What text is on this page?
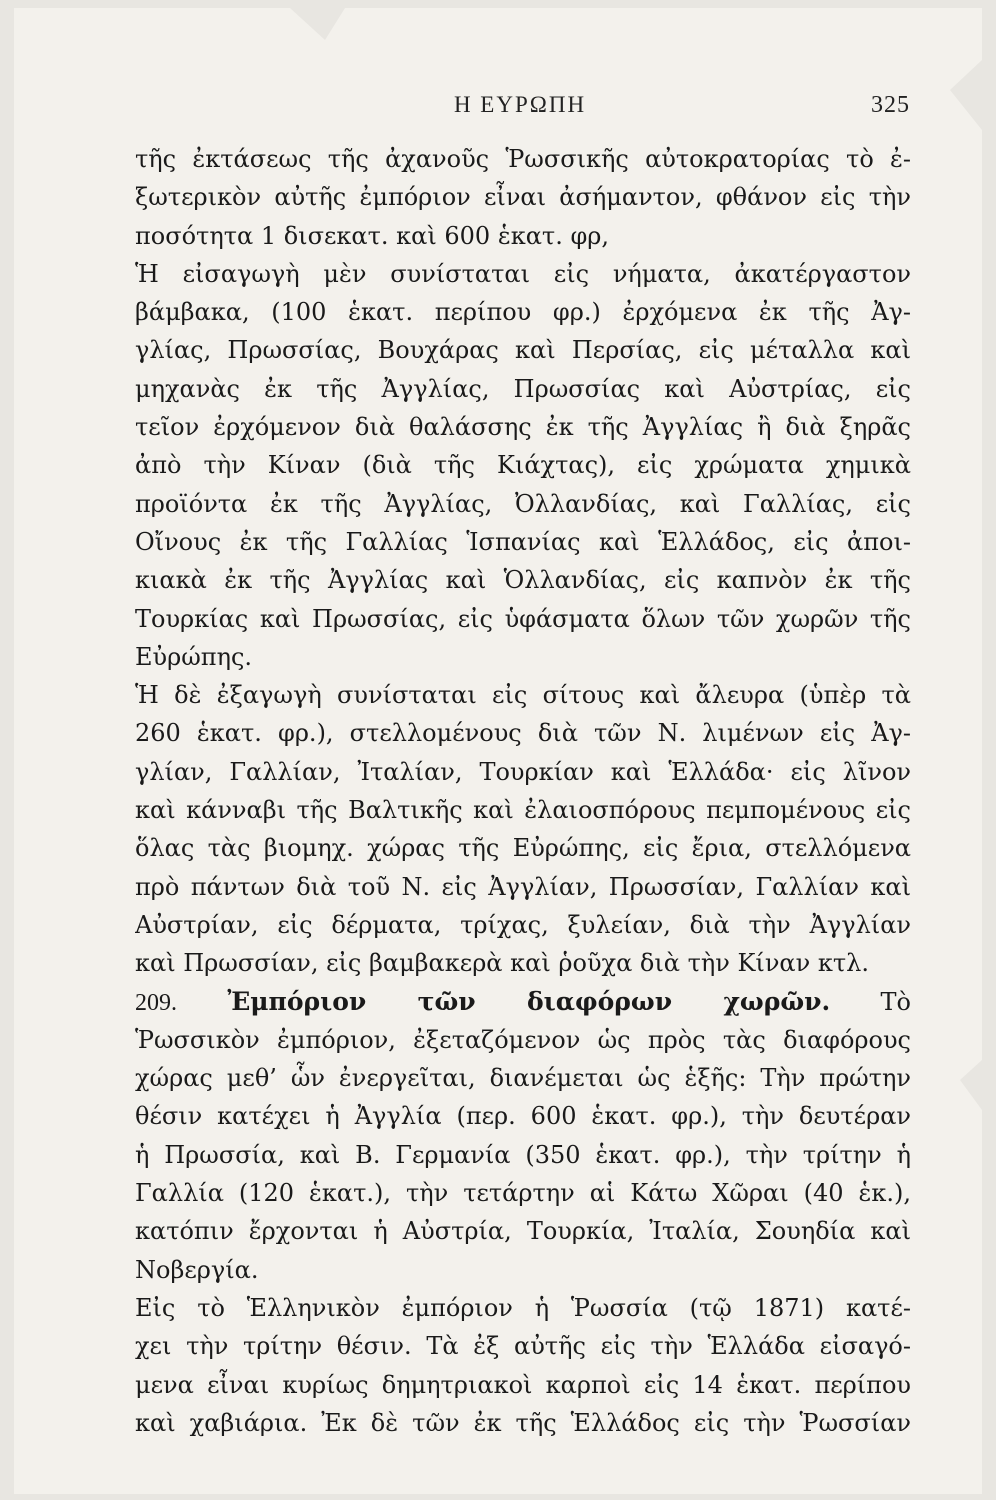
Η ΕΥΡΩΠΗ	325
τῆς ἐκτάσεως τῆς ἀχανοῦς Ῥωσσικῆς αὐτοκρατορίας τὸ ἐ-
ξωτερικὸν αὐτῆς ἐμπόριον εἶναι ἀσήμαντον, φθάνον εἰς τὴν
ποσότητα 1 δισεκατ. καὶ 600 ἑκατ. φρ,
Ἡ εἰσαγωγὴ μὲν συνίσταται εἰς νήματα, ἀκατέργαστον
βάμβακα, (100 ἑκατ. περίπου φρ.) ἐρχόμενα ἐκ τῆς Ἀγ-
γλίας, Πρωσσίας, Βουχάρας καὶ Περσίας, εἰς μέταλλα καὶ
μηχανὰς ἐκ τῆς Ἀγγλίας, Πρωσσίας καὶ Αὐστρίας, εἰς
τεῖον ἐρχόμενον διὰ θαλάσσης ἐκ τῆς Ἀγγλίας ἢ διὰ ξηρᾶς
ἀπὸ τὴν Κίναν (διὰ τῆς Κιάχτας), εἰς χρώματα χημικὰ
προϊόντα ἐκ τῆς Ἀγγλίας, Ὀλλανδίας, καὶ Γαλλίας, εἰς
Οἴνους ἐκ τῆς Γαλλίας Ἱσπανίας καὶ Ἑλλάδος, εἰς ἀποι-
κιακὰ ἐκ τῆς Ἀγγλίας καὶ Ὁλλανδίας, εἰς καπνὸν ἐκ τῆς
Τουρκίας καὶ Πρωσσίας, εἰς ὑφάσματα ὅλων τῶν χωρῶν τῆς
Εὐρώπης.
Ἡ δὲ ἐξαγωγὴ συνίσταται εἰς σίτους καὶ ἄλευρα (ὑπὲρ τὰ
260 ἑκατ. φρ.), στελλομένους διὰ τῶν Ν. λιμένων εἰς Ἀγ-
γλίαν, Γαλλίαν, Ἰταλίαν, Τουρκίαν καὶ Ἑλλάδα· εἰς λῖνον
καὶ κάνναβι τῆς Βαλτικῆς καὶ ἐλαιοσπόρους πεμπομένους εἰς
ὅλας τὰς βιομηχ. χώρας τῆς Εὐρώπης, εἰς ἔρια, στελλόμενα
πρὸ πάντων διὰ τοῦ Ν. εἰς Ἀγγλίαν, Πρωσσίαν, Γαλλίαν καὶ
Αὐστρίαν, εἰς δέρματα, τρίχας, ξυλείαν, διὰ τὴν Ἀγγλίαν
καὶ Πρωσσίαν, εἰς βαμβακερὰ καὶ ῥοῦχα διὰ τὴν Κίναν κτλ.
209. Ἐμπόριον τῶν διαφόρων χωρῶν. Τὸ
Ῥωσσικὸν ἐμπόριον, ἐξεταζόμενον ὡς πρὸς τὰς διαφόρους
χώρας μεθ’ ὧν ἐνεργεῖται, διανέμεται ὡς ἑξῆς: Τὴν πρώτην
θέσιν κατέχει ἡ Ἀγγλία (περ. 600 ἑκατ. φρ.), τὴν δευτέραν
ἡ Πρωσσία, καὶ Β. Γερμανία (350 ἑκατ. φρ.), τὴν τρίτην ἡ
Γαλλία (120 ἑκατ.), τὴν τετάρτην αἱ Κάτω Χῶραι (40 ἑκ.),
κατόπιν ἔρχονται ἡ Αὐστρία, Τουρκία, Ἰταλία, Σουηδία καὶ
Νοβεργία.
Εἰς τὸ Ἑλληνικὸν ἐμπόριον ἡ Ῥωσσία (τῷ 1871) κατέ-
χει τὴν τρίτην θέσιν. Τὰ ἐξ αὐτῆς εἰς τὴν Ἑλλάδα εἰσαγό-
μενα εἶναι κυρίως δημητριακοὶ καρποὶ εἰς 14 ἑκατ. περίπου
καὶ χαβιάρια. Ἐκ δὲ τῶν ἐκ τῆς Ἑλλάδος εἰς τὴν Ῥωσσίαν
